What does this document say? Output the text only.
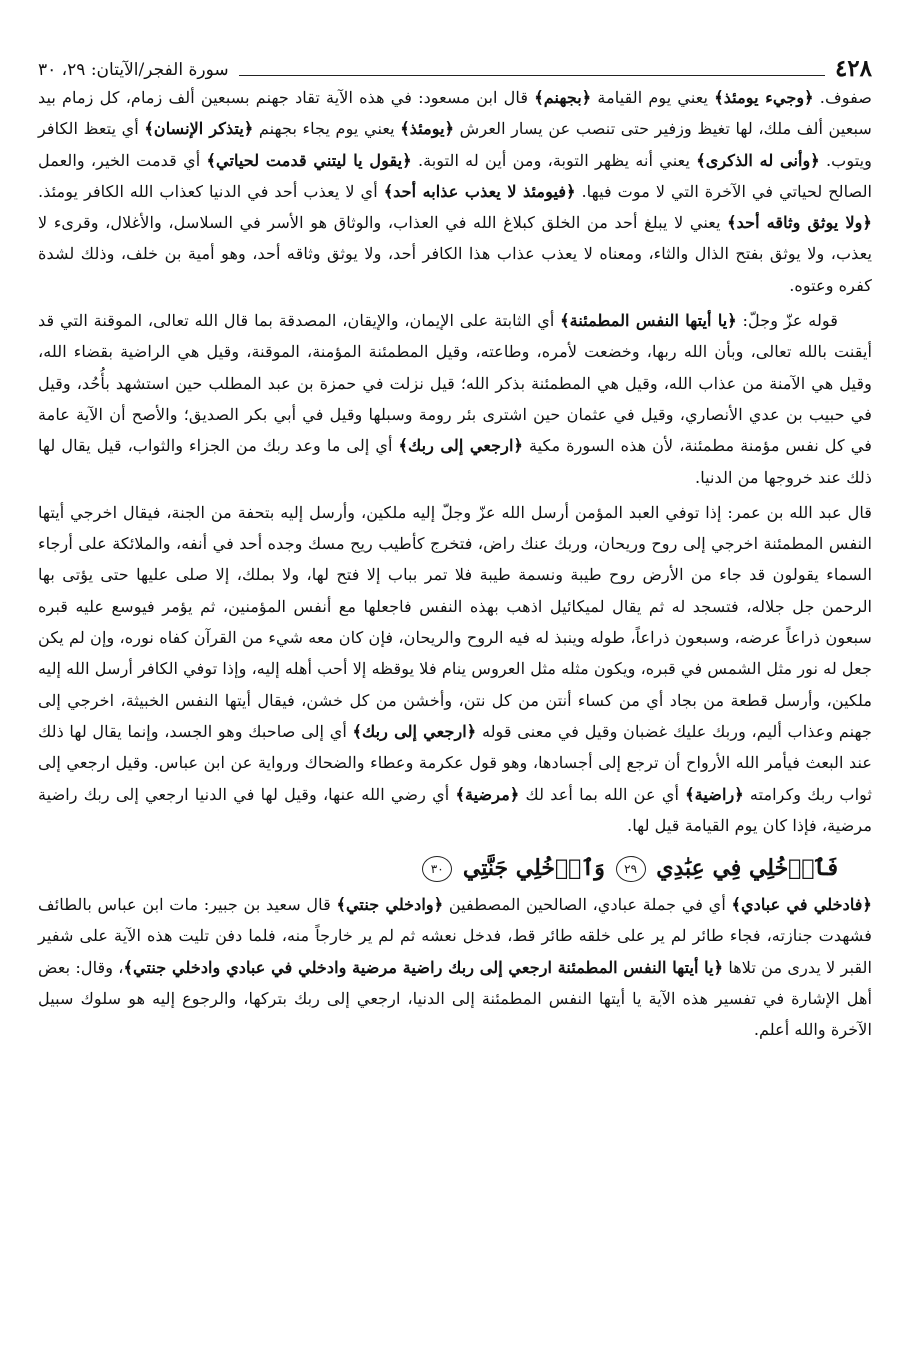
٤٢٨
سورة الفجر/الآيتان: ٢٩، ٣٠

صفوف. ﴿وجيء يومئذ﴾ يعني يوم القيامة ﴿بجهنم﴾ قال ابن مسعود: في هذه الآية تقاد جهنم بسبعين ألف زمام، كل زمام بيد سبعين ألف ملك، لها تغيظ وزفير حتى تنصب عن يسار العرش ﴿يومئذ﴾ يعني يوم يجاء بجهنم ﴿يتذكر الإنسان﴾ أي يتعظ الكافر ويتوب. ﴿وأنى له الذكرى﴾ يعني أنه يظهر التوبة، ومن أين له التوبة. ﴿يقول يا ليتني قدمت لحياتي﴾ أي قدمت الخير، والعمل الصالح لحياتي في الآخرة التي لا موت فيها. ﴿فيومئذ لا يعذب عذابه أحد﴾ أي لا يعذب أحد في الدنيا كعذاب الله الكافر يومئذ. ﴿ولا يوثق وثاقه أحد﴾ يعني لا يبلغ أحد من الخلق كبلاغ الله في العذاب، والوثاق هو الأسر في السلاسل، والأغلال، وقرىء لا يعذب، ولا يوثق بفتح الذال والثاء، ومعناه لا يعذب عذاب هذا الكافر أحد، ولا يوثق وثاقه أحد، وهو أمية بن خلف، وذلك لشدة كفره وعتوه.

قوله عزّ وجلّ: ﴿يا أيتها النفس المطمئنة﴾ أي الثابتة على الإيمان، والإيقان، المصدقة بما قال الله تعالى، الموقنة التي قد أيقنت بالله تعالى، وبأن الله ربها، وخضعت لأمره، وطاعته، وقيل المطمئنة المؤمنة، الموقنة، وقيل هي الراضية بقضاء الله، وقيل هي الآمنة من عذاب الله، وقيل هي المطمئنة بذكر الله؛ قيل نزلت في حمزة بن عبد المطلب حين استشهد بأُحُد، وقيل في حبيب بن عدي الأنصاري، وقيل في عثمان حين اشترى بئر رومة وسبلها وقيل في أبي بكر الصديق؛ والأصح أن الآية عامة في كل نفس مؤمنة مطمئنة، لأن هذه السورة مكية ﴿ارجعي إلى ربك﴾ أي إلى ما وعد ربك من الجزاء والثواب، قيل يقال لها ذلك عند خروجها من الدنيا.

قال عبد الله بن عمر: إذا توفي العبد المؤمن أرسل الله عزّ وجلّ إليه ملكين، وأرسل إليه بتحفة من الجنة، فيقال اخرجي أيتها النفس المطمئنة اخرجي إلى روح وريحان، وربك عنك راض، فتخرج كأطيب ريح مسك وجده أحد في أنفه، والملائكة على أرجاء السماء يقولون قد جاء من الأرض روح طيبة ونسمة طيبة فلا تمر بباب إلا فتح لها، ولا بملك، إلا صلى عليها حتى يؤتى بها الرحمن جل جلاله، فتسجد له ثم يقال لميكائيل اذهب بهذه النفس فاجعلها مع أنفس المؤمنين، ثم يؤمر فيوسع عليه قبره سبعون ذراعاً عرضه، وسبعون ذراعاً، طوله وينبذ له فيه الروح والريحان، فإن كان معه شيء من القرآن كفاه نوره، وإن لم يكن جعل له نور مثل الشمس في قبره، ويكون مثله مثل العروس ينام فلا يوقظه إلا أحب أهله إليه، وإذا توفي الكافر أرسل الله إليه ملكين، وأرسل قطعة من بجاد أي من كساء أنتن من كل نتن، وأخشن من كل خشن، فيقال أيتها النفس الخبيثة، اخرجي إلى جهنم وعذاب أليم، وربك عليك غضبان وقيل في معنى قوله ﴿ارجعي إلى ربك﴾ أي إلى صاحبك وهو الجسد، وإنما يقال لها ذلك عند البعث فيأمر الله الأرواح أن ترجع إلى أجسادها، وهو قول عكرمة وعطاء والضحاك ورواية عن ابن عباس. وقيل ارجعي إلى ثواب ربك وكرامته ﴿راضية﴾ أي عن الله بما أعد لك ﴿مرضية﴾ أي رضي الله عنها، وقيل لها في الدنيا ارجعي إلى ربك راضية مرضية، فإذا كان يوم القيامة قيل لها.

فَٱدۡخُلِي فِي عِبَٰدِي ٢٩ وَٱدۡخُلِي جَنَّتِي ٣٠

﴿فادخلي في عبادي﴾ أي في جملة عبادي، الصالحين المصطفين ﴿وادخلي جنتي﴾ قال سعيد بن جبير: مات ابن عباس بالطائف فشهدت جنازته، فجاء طائر لم ير على خلقه طائر قط، فدخل نعشه ثم لم ير خارجاً منه، فلما دفن تليت هذه الآية على شفير القبر لا يدرى من تلاها ﴿يا أيتها النفس المطمئنة ارجعي إلى ربك راضية مرضية وادخلي في عبادي وادخلي جنتي﴾، وقال: بعض أهل الإشارة في تفسير هذه الآية يا أيتها النفس المطمئنة إلى الدنيا، ارجعي إلى ربك بتركها، والرجوع إليه هو سلوك سبيل الآخرة والله أعلم.
